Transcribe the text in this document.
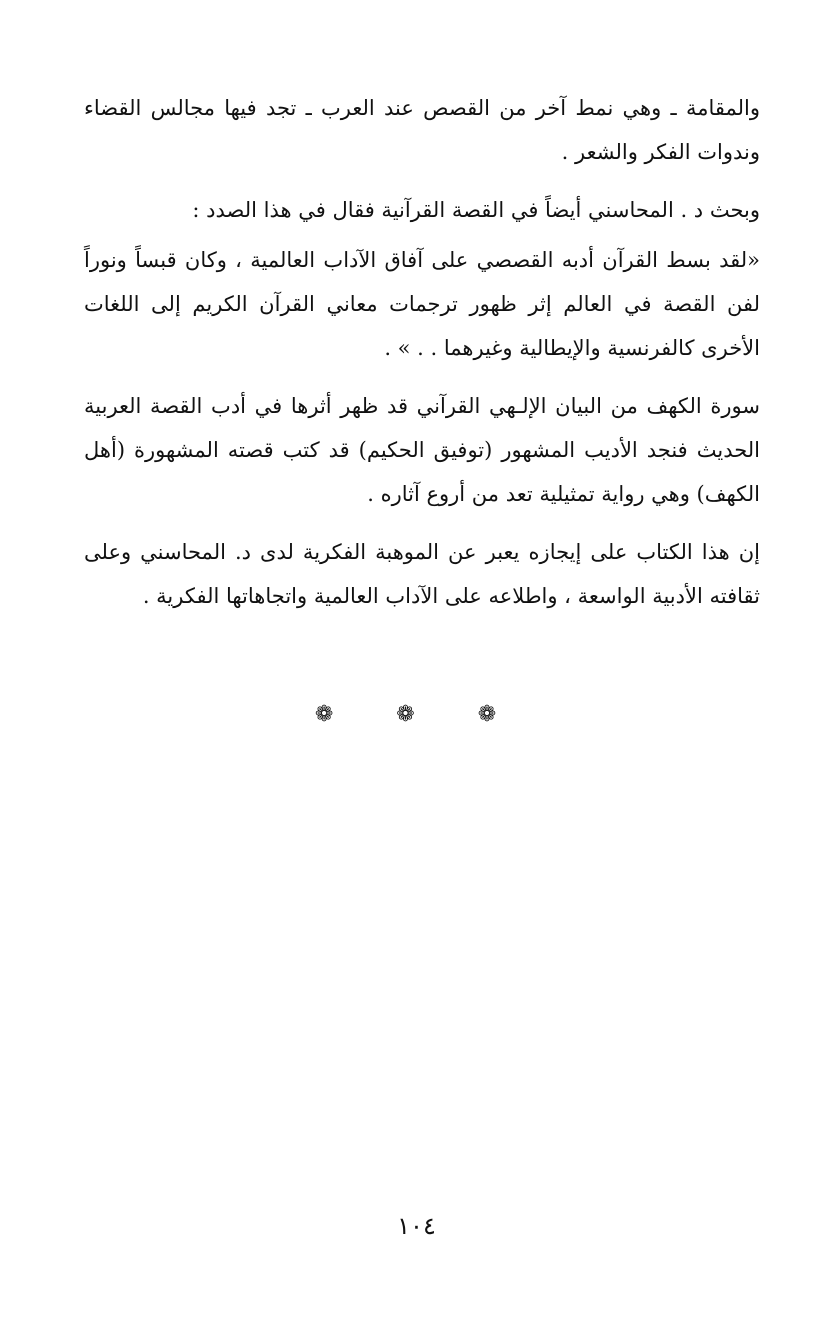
والمقامة ـ وهي نمط آخر من القصص عند العرب ـ تجد فيها مجالس القضاء وندوات الفكر والشعر .

وبحث د . المحاسني أيضاً في القصة القرآنية فقال في هذا الصدد :

«لقد بسط القرآن أدبه القصصي على آفاق الآداب العالمية ، وكان قبساً ونوراً لفن القصة في العالم إثر ظهور ترجمات معاني القرآن الكريم إلى اللغات الأخرى كالفرنسية والإيطالية وغيرهما . . » .

سورة الكهف من البيان الإلـهي القرآني قد ظهر أثرها في أدب القصة العربية الحديث فنجد الأديب المشهور (توفيق الحكيم) قد كتب قصته المشهورة (أهل الكهف) وهي رواية تمثيلية تعد من أروع آثاره .

إن هذا الكتاب على إيجازه يعبر عن الموهبة الفكرية لدى د. المحاسني وعلى ثقافته الأدبية الواسعة ، واطلاعه على الآداب العالمية واتجاهاتها الفكرية .

❁ ❁ ❁
١٠٤
